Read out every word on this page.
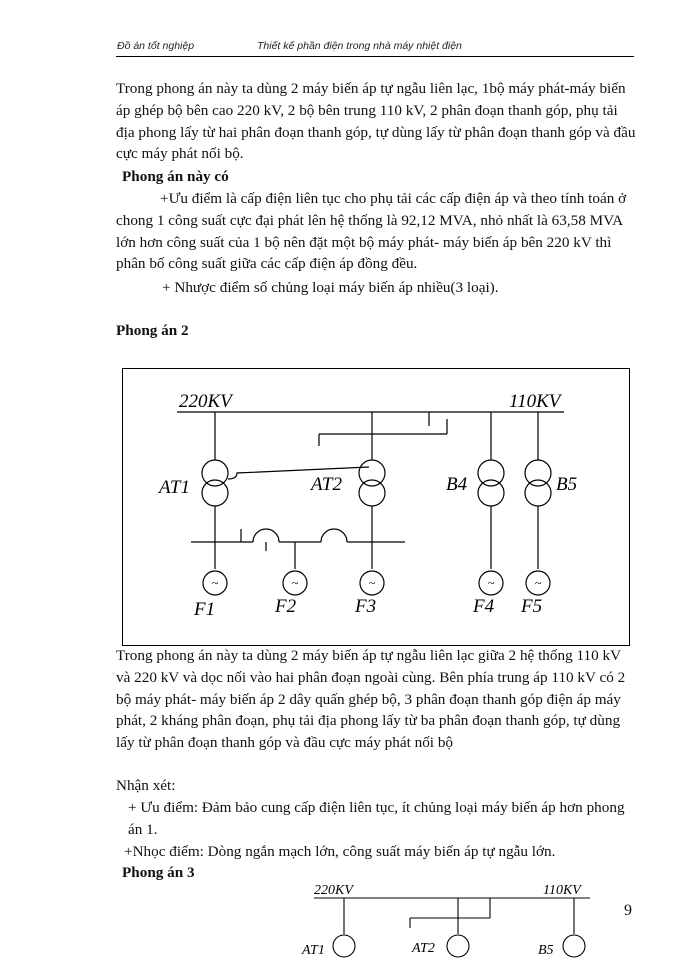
Đồ án tốt nghiệp	Thiết kế phần điện trong nhà máy nhiệt điện
Trong phong án này ta dùng 2 máy biến áp tự ngẫu liên lạc, 1bộ máy phát-máy biến áp ghép bộ bên cao 220 kV, 2 bộ bên trung 110 kV, 2 phân đoạn thanh góp, phụ tải địa phong lấy từ hai phân đoạn thanh góp, tự dùng lấy từ phân đoạn thanh góp và đầu cực máy phát nối bộ.
Phong án này có
+Ưu điểm là cấp điện liên tục cho phụ tải các cấp điện áp và theo tính toán ở chong 1 công suất cực đại phát lên hệ thống là 92,12 MVA, nhỏ nhất là 63,58 MVA lớn hơn công suất của 1 bộ nên đặt một bộ máy phát- máy biến áp bên 220 kV thì phân bố công suất giữa các cấp điện áp đồng đều.
+ Nhược điểm số chủng loại máy biến áp nhiều(3 loại).
Phong án 2
~	~	~	~	~
220KV	110KV
AT1	AT2	B4	B5
F1	F2	F3	F4 F5
Trong phong án này ta dùng 2 máy biến áp tự ngẫu liên lạc giữa 2 hệ thống 110 kV và 220 kV và dọc nối vào hai phân đoạn ngoài cùng. Bên phía trung áp 110 kV có 2 bộ máy phát- máy biến áp 2 dây quấn ghép bộ, 3 phân đoạn thanh góp điện áp máy phát, 2 kháng phân đoạn, phụ tải địa phong lấy từ ba phân đoạn thanh góp, tự dùng lấy từ phân đoạn thanh góp và đầu cực máy phát nối bộ
Nhận xét:
+ Ưu điểm: Đảm bảo cung cấp điện liên tục, ít chủng loại máy biến áp hơn phong án 1.
+Nhọc điểm: Dòng ngắn mạch lớn, công suất máy biến áp tự ngẫu lớn.
Phong án 3
220KV	110KV
AT1	AT2	B5
9
